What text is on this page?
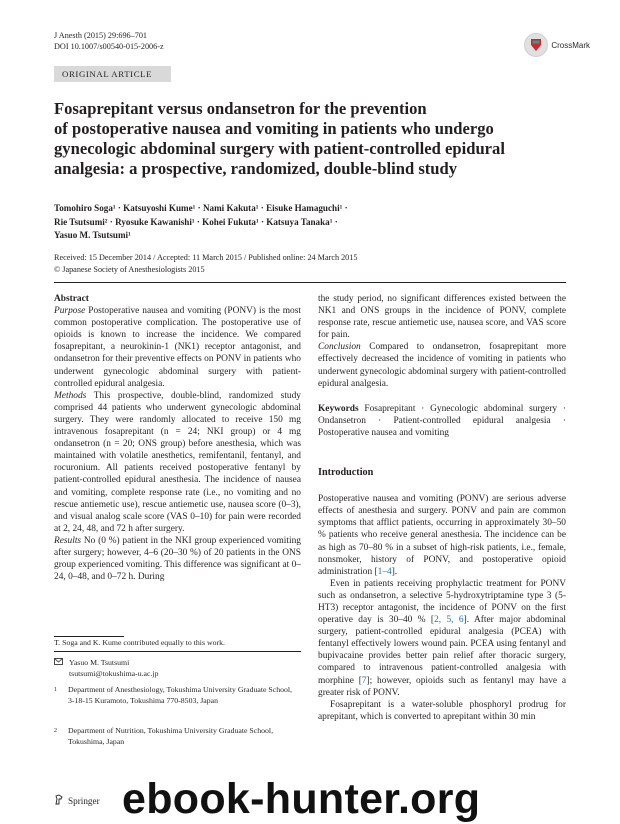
J Anesth (2015) 29:696–701
DOI 10.1007/s00540-015-2006-z	CrossMark
ORIGINAL ARTICLE
Fosaprepitant versus ondansetron for the prevention
of postoperative nausea and vomiting in patients who undergo
gynecologic abdominal surgery with patient-controlled epidural
analgesia: a prospective, randomized, double-blind study
Tomohiro Soga¹ · Katsuyoshi Kume¹ · Nami Kakuta¹ · Eisuke Hamaguchi¹ ·
Rie Tsutsumi² · Ryosuke Kawanishi¹ · Kohei Fukuta¹ · Katsuya Tanaka¹ ·
Yasuo M. Tsutsumi¹
Received: 15 December 2014 / Accepted: 11 March 2015 / Published online: 24 March 2015
© Japanese Society of Anesthesiologists 2015
Abstract

Purpose Postoperative nausea and vomiting (PONV) is the most common postoperative complication. The postoperative use of opioids is known to increase the incidence. We compared fosaprepitant, a neurokinin-1 (NK1) receptor antagonist, and ondansetron for their preventive effects on PONV in patients who underwent gynecologic abdominal surgery with patient-controlled epidural analgesia.

Methods This prospective, double-blind, randomized study comprised 44 patients who underwent gynecologic abdominal surgery. They were randomly allocated to receive 150 mg intravenous fosaprepitant (n = 24; NKI group) or 4 mg ondansetron (n = 20; ONS group) before anesthesia, which was maintained with volatile anesthetics, remifentanil, fentanyl, and rocuronium. All patients received postoperative fentanyl by patient-controlled epidural anesthesia. The incidence of nausea and vomiting, complete response rate (i.e., no vomiting and no rescue antiemetic use), rescue antiemetic use, nausea score (0–3), and visual analog scale score (VAS 0–10) for pain were recorded at 2, 24, 48, and 72 h after surgery.

Results No (0 %) patient in the NKI group experienced vomiting after surgery; however, 4–6 (20–30 %) of 20 patients in the ONS group experienced vomiting. This difference was significant at 0–24, 0–48, and 0–72 h. During

T. Soga and K. Kume contributed equally to this work.
Yasuo M. Tsutsumi
tsutsumi@tokushima-u.ac.jp
1 Department of Anesthesiology, Tokushima University Graduate School, 3-18-15 Kuramoto, Tokushima 770-8503, Japan
2 Department of Nutrition, Tokushima University Graduate School, Tokushima, Japan

the study period, no significant differences existed between the NK1 and ONS groups in the incidence of PONV, complete response rate, rescue antiemetic use, nausea score, and VAS score for pain.

Conclusion Compared to ondansetron, fosaprepitant more effectively decreased the incidence of vomiting in patients who underwent gynecologic abdominal surgery with patient-controlled epidural analgesia.

Keywords Fosaprepitant · Gynecologic abdominal surgery · Ondansetron · Patient-controlled epidural analgesia · Postoperative nausea and vomiting

Introduction

Postoperative nausea and vomiting (PONV) are serious adverse effects of anesthesia and surgery. PONV and pain are common symptoms that afflict patients, occurring in approximately 30–50 % patients who receive general anesthesia. The incidence can be as high as 70–80 % in a subset of high-risk patients, i.e., female, nonsmoker, history of PONV, and postoperative opioid administration [1–4].

Even in patients receiving prophylactic treatment for PONV such as ondansetron, a selective 5-hydroxytriptamine type 3 (5-HT3) receptor antagonist, the incidence of PONV on the first operative day is 30–40 % [2, 5, 6]. After major abdominal surgery, patient-controlled epidural analgesia (PCEA) with fentanyl effectively lowers wound pain. PCEA using fentanyl and bupivacaine provides better pain relief after thoracic surgery, compared to intravenous patient-controlled analgesia with morphine [7]; however, opioids such as fentanyl may have a greater risk of PONV.

Fosaprepitant is a water-soluble phosphoryl prodrug for aprepitant, which is converted to aprepitant within 30 min

Springer ebook-hunter.org
